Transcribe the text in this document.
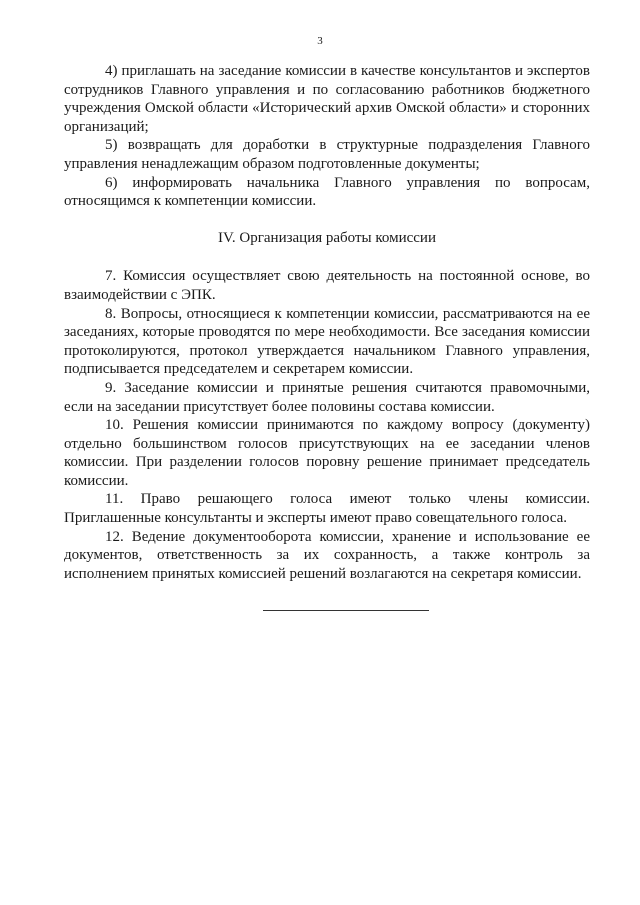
3

4) приглашать на заседание комиссии в качестве консультантов и экспертов сотрудников Главного управления и по согласованию работников бюджетного учреждения Омской области «Исторический архив Омской области» и сторонних организаций;

5) возвращать для доработки в структурные подразделения Главного управления ненадлежащим образом подготовленные документы;

6) информировать начальника Главного управления по вопросам, относящимся к компетенции комиссии.

IV. Организация работы комиссии

7. Комиссия осуществляет свою деятельность на постоянной основе, во взаимодействии с ЭПК.

8. Вопросы, относящиеся к компетенции комиссии, рассматриваются на ее заседаниях, которые проводятся по мере необходимости. Все заседания комиссии протоколируются, протокол утверждается начальником Главного управления, подписывается председателем и секретарем комиссии.

9. Заседание комиссии и принятые решения считаются правомочными, если на заседании присутствует более половины состава комиссии.

10. Решения комиссии принимаются по каждому вопросу (документу) отдельно большинством голосов присутствующих на ее заседании членов комиссии. При разделении голосов поровну решение принимает председатель комиссии.

11. Право решающего голоса имеют только члены комиссии. Приглашенные консультанты и эксперты имеют право совещательного голоса.

12. Ведение документооборота комиссии, хранение и использование ее документов, ответственность за их сохранность, а также контроль за исполнением принятых комиссией решений возлагаются на секретаря комиссии.
